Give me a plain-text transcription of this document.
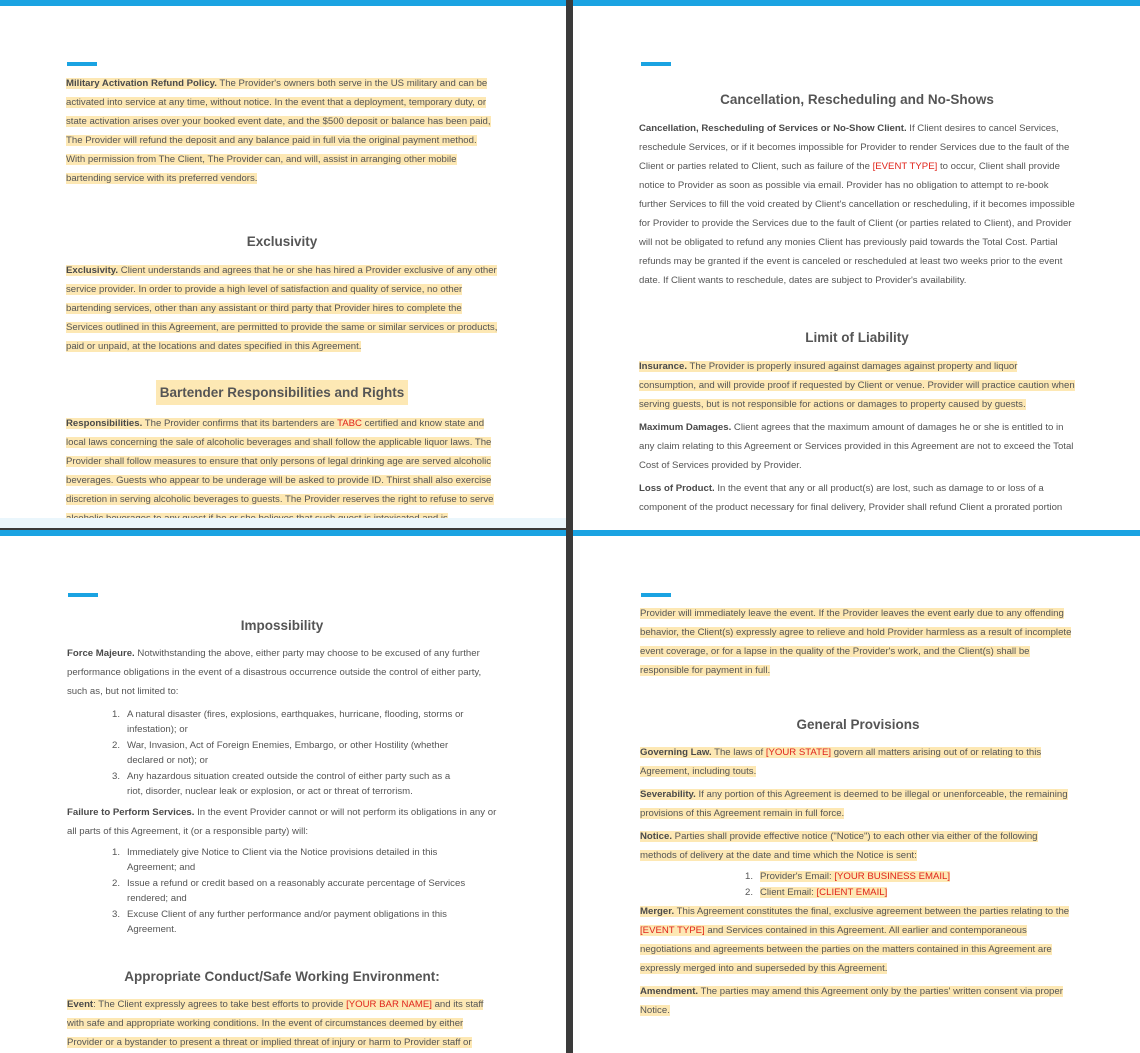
Military Activation Refund Policy. The Provider's owners both serve in the US military and can be activated into service at any time, without notice. In the event that a deployment, temporary duty, or state activation arises over your booked event date, and the $500 deposit or balance has been paid, The Provider will refund the deposit and any balance paid in full via the original payment method. With permission from The Client, The Provider can, and will, assist in arranging other mobile bartending service with its preferred vendors.

Exclusivity

Exclusivity. Client understands and agrees that he or she has hired a Provider exclusive of any other service provider. In order to provide a high level of satisfaction and quality of service, no other bartending services, other than any assistant or third party that Provider hires to complete the Services outlined in this Agreement, are permitted to provide the same or similar services or products, paid or unpaid, at the locations and dates specified in this Agreement.

Bartender Responsibilities and Rights

Responsibilities. The Provider confirms that its bartenders are TABC certified and know state and local laws concerning the sale of alcoholic beverages and shall follow the applicable liquor laws. The Provider shall follow measures to ensure that only persons of legal drinking age are served alcoholic beverages. Guests who appear to be underage will be asked to provide ID. Thirst shall also exercise discretion in serving alcoholic beverages to guests. The Provider reserves the right to refuse to serve

Cancellation, Rescheduling and No-Shows

Cancellation, Rescheduling of Services or No-Show Client. If Client desires to cancel Services, reschedule Services, or if it becomes impossible for Provider to render Services due to the fault of the Client or parties related to Client, such as failure of the [EVENT TYPE] to occur, Client shall provide notice to Provider as soon as possible via email. Provider has no obligation to attempt to re-book further Services to fill the void created by Client's cancellation or rescheduling, if it becomes impossible for Provider to provide the Services due to the fault of Client (or parties related to Client), and Provider will not be obligated to refund any monies Client has previously paid towards the Total Cost. Partial refunds may be granted if the event is canceled or rescheduled at least two weeks prior to the event date. If Client wants to reschedule, dates are subject to Provider's availability.

Limit of Liability

Insurance. The Provider is properly insured against damages against property and liquor consumption, and will provide proof if requested by Client or venue. Provider will practice caution when serving guests, but is not responsible for actions or damages to property caused by guests.

Maximum Damages. Client agrees that the maximum amount of damages he or she is entitled to in any claim relating to this Agreement or Services provided in this Agreement are not to exceed the Total Cost of Services provided by Provider.

Loss of Product. In the event that any or all product(s) are lost, such as damage to or loss of a component of the product necessary for final delivery, Provider shall refund Client a prorated portion

Impossibility

Force Majeure. Notwithstanding the above, either party may choose to be excused of any further performance obligations in the event of a disastrous occurrence outside the control of either party, such as, but not limited to:

1. A natural disaster (fires, explosions, earthquakes, hurricane, flooding, storms or infestation); or
2. War, Invasion, Act of Foreign Enemies, Embargo, or other Hostility (whether declared or not); or
3. Any hazardous situation created outside the control of either party such as a riot, disorder, nuclear leak or explosion, or act or threat of terrorism.

Failure to Perform Services. In the event Provider cannot or will not perform its obligations in any or all parts of this Agreement, it (or a responsible party) will:

1. Immediately give Notice to Client via the Notice provisions detailed in this Agreement; and
2. Issue a refund or credit based on a reasonably accurate percentage of Services rendered; and
3. Excuse Client of any further performance and/or payment obligations in this Agreement.
Appropriate Conduct/Safe Working Environment:

Event: The Client expressly agrees to take best efforts to provide [YOUR BAR NAME] and its staff with safe and appropriate working conditions. In the event of circumstances deemed by either Provider or a bystander to present a threat or implied threat of injury or harm to Provider staff or

Provider will immediately leave the event. If the Provider leaves the event early due to any offending behavior, the Client(s) expressly agree to relieve and hold Provider harmless as a result of incomplete event coverage, or for a lapse in the quality of the Provider's work, and the Client(s) shall be responsible for payment in full.

General Provisions

Governing Law. The laws of [YOUR STATE] govern all matters arising out of or relating to this Agreement, including touts.

Severability. If any portion of this Agreement is deemed to be illegal or unenforceable, the remaining provisions of this Agreement remain in full force.

Notice. Parties shall provide effective notice ("Notice") to each other via either of the following methods of delivery at the date and time which the Notice is sent:

1. Provider's Email: [YOUR BUSINESS EMAIL]
2. Client Email: [CLIENT EMAIL]

Merger. This Agreement constitutes the final, exclusive agreement between the parties relating to the [EVENT TYPE] and Services contained in this Agreement. All earlier and contemporaneous negotiations and agreements between the parties on the matters contained in this Agreement are expressly merged into and superseded by this Agreement.

Amendment. The parties may amend this Agreement only by the parties' written consent via proper Notice.
